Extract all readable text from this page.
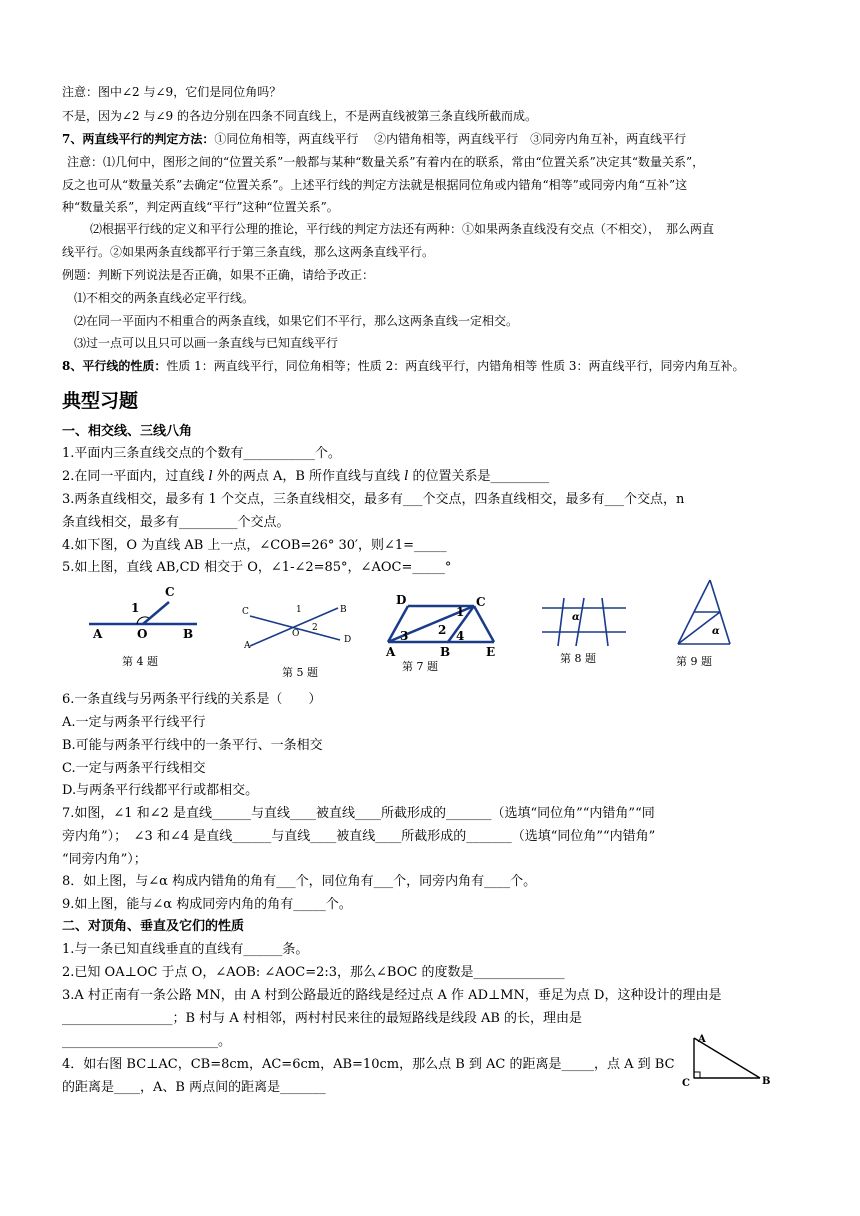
注意：图中∠2 与∠9，它们是同位角吗？
不是，因为∠2 与∠9 的各边分别在四条不同直线上，不是两直线被第三条直线所截而成。
7、两直线平行的判定方法：①同位角相等，两直线平行　 ②内错角相等，两直线平行　③同旁内角互补，两直线平行
注意：⑴几何中，图形之间的“位置关系”一般都与某种“数量关系”有着内在的联系，常由“位置关系”决定其“数量关系”，
反之也可从“数量关系”去确定“位置关系”。上述平行线的判定方法就是根据同位角或内错角“相等”或同旁内角“互补”这
种“数量关系”，判定两直线“平行”这种“位置关系”。
⑵根据平行线的定义和平行公理的推论，平行线的判定方法还有两种：①如果两条直线没有交点（不相交），　那么两直
线平行。②如果两条直线都平行于第三条直线，那么这两条直线平行。
例题：判断下列说法是否正确，如果不正确，请给予改正：
⑴不相交的两条直线必定平行线。
⑵在同一平面内不相重合的两条直线，如果它们不平行，那么这两条直线一定相交。
⑶过一点可以且只可以画一条直线与已知直线平行
8、平行线的性质：性质 1：两直线平行，同位角相等；性质 2：两直线平行，内错角相等 性质 3：两直线平行，同旁内角互补。
典型习题
一、相交线、三线八角
1.平面内三条直线交点的个数有___________个。
2.在同一平面内，过直线 l 外的两点 A，B 所作直线与直线 l 的位置关系是_________
3.两条直线相交，最多有 1 个交点，三条直线相交，最多有___个交点，四条直线相交，最多有___个交点，n
条直线相交，最多有_________个交点。
4.如下图，O 为直线 AB 上一点，∠COB=26° 30′，则∠1=_____
5.如上图，直线 AB,CD 相交于 O，∠1-∠2=85°，∠AOC=_____°
A	O	B
C
1
第 4 题
C
A
B
D
O
1
2
第 5 题
D	C
A	B	E
1
2
3	4
第 7 题
α
第 8 题
α
第 9 题
6.一条直线与另两条平行线的关系是（　　）
A.一定与两条平行线平行
B.可能与两条平行线中的一条平行、一条相交
C.一定与两条平行线相交
D.与两条平行线都平行或都相交。
7.如图，∠1 和∠2 是直线______与直线____被直线____所截形成的_______（选填“同位角”“内错角”“同
旁内角”）；　∠3 和∠4 是直线______与直线____被直线____所截形成的_______（选填“同位角”“内错角”
“同旁内角”）；
8．如上图，与∠α 构成内错角的角有___个，同位角有___个，同旁内角有____个。
9.如上图，能与∠α 构成同旁内角的角有_____个。
二、对顶角、垂直及它们的性质
1.与一条已知直线垂直的直线有______条。
2.已知 OA⊥OC 于点 O，∠AOB: ∠AOC=2:3，那么∠BOC 的度数是______________
3.A 村正南有一条公路 MN，由 A 村到公路最近的路线是经过点 A 作 AD⊥MN，垂足为点 D，这种设计的理由是
_________________；B 村与 A 村相邻，两村村民来往的最短路线是线段 AB 的长，理由是
________________________。
4．如右图 BC⊥AC，CB=8cm，AC=6cm，AB=10cm，那么点 B 到 AC 的距离是_____，点 A 到 BC
的距离是____，A、B 两点间的距离是_______
A
C	B
